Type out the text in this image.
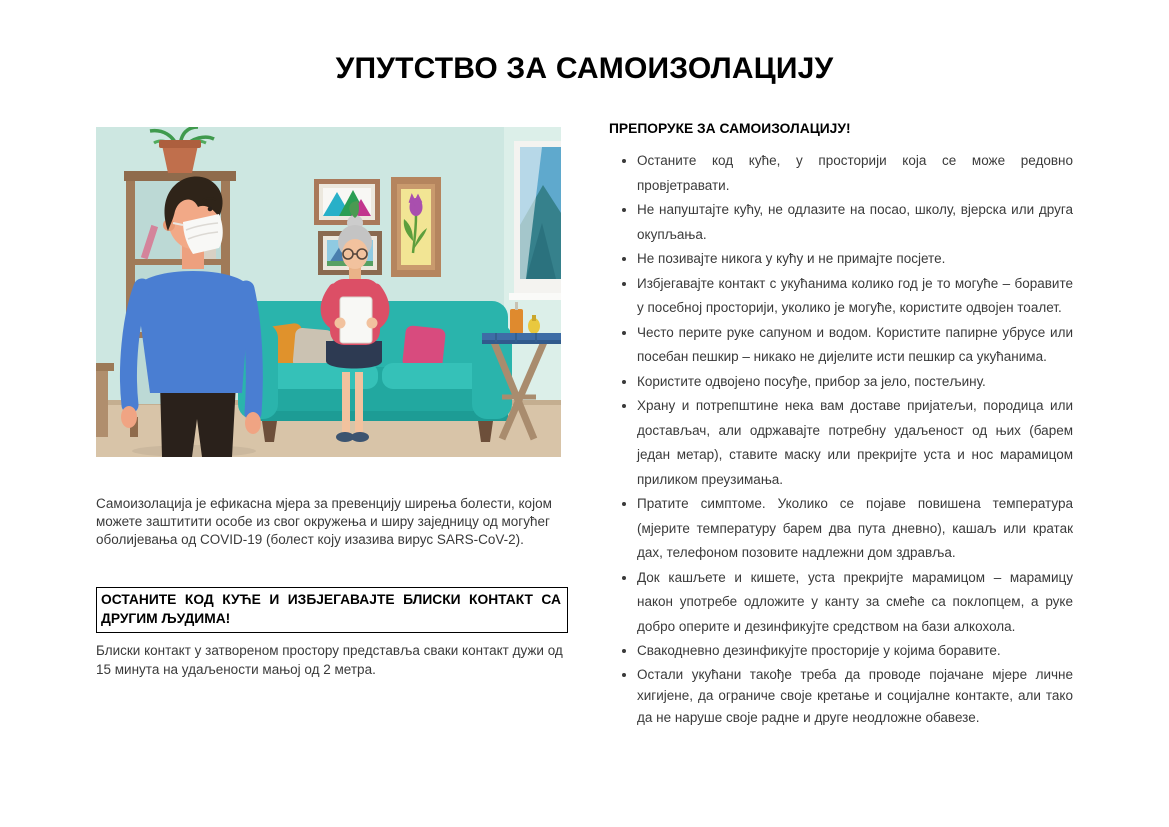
УПУТСТВО ЗА САМОИЗОЛАЦИЈУ

Самоизолација је ефикасна мјера за превенцију ширења болести, којом можете заштитити особе из свог окружења и ширу заједницу од могућег оболијевања од COVID-19 (болест коју изазива вирус SARS-CoV-2).

ОСТАНИТЕ КОД КУЋЕ И ИЗБЈЕГАВАЈТЕ БЛИСКИ КОНТАКТ СА ДРУГИМ ЉУДИМА!

Блиски контакт у затвореном простору представља сваки контакт дужи од 15 минута на удаљености мањој од 2 метра.

ПРЕПОРУКЕ ЗА САМОИЗОЛАЦИЈУ!
• Останите код куће, у просторији која се може редовно провјетравати.
• Не напуштајте кућу, не одлазите на посао, школу, вјерска или друга окупљања.
• Не позивајте никога у кућу и не примајте посјете.
• Избјегавајте контакт с укућанима колико год је то могуће – боравите у посебној просторији, уколико је могуће, користите одвојен тоалет.
• Често перите руке сапуном и водом. Користите папирне убрусе или посебан пешкир – никако не дијелите исти пешкир са укућанима.
• Користите одвојено посуђе, прибор за јело, постељину.
• Храну и потрепштине нека вам доставе пријатељи, породица или достављач, али одржавајте потребну удаљеност од њих (барем један метар), ставите маску или прекријте уста и нос марамицом приликом преузимања.
• Пратите симптоме. Уколико се појаве повишена температура (мјерите температуру барем два пута дневно), кашаљ или кратак дах, телефоном позовите надлежни дом здравља.
• Док кашљете и кишете, уста прекријте марамицом – марамицу након употребе одложите у канту за смеће са поклопцем, а руке добро оперите и дезинфикујте средством на бази алкохола.
• Свакодневно дезинфикујте просторије у којима боравите.
• Остали укућани такође треба да проводе појачане мјере личне хигијене, да ограниче своје кретање и социјалне контакте, али тако да не наруше своје радне и друге неодложне обавезе.
